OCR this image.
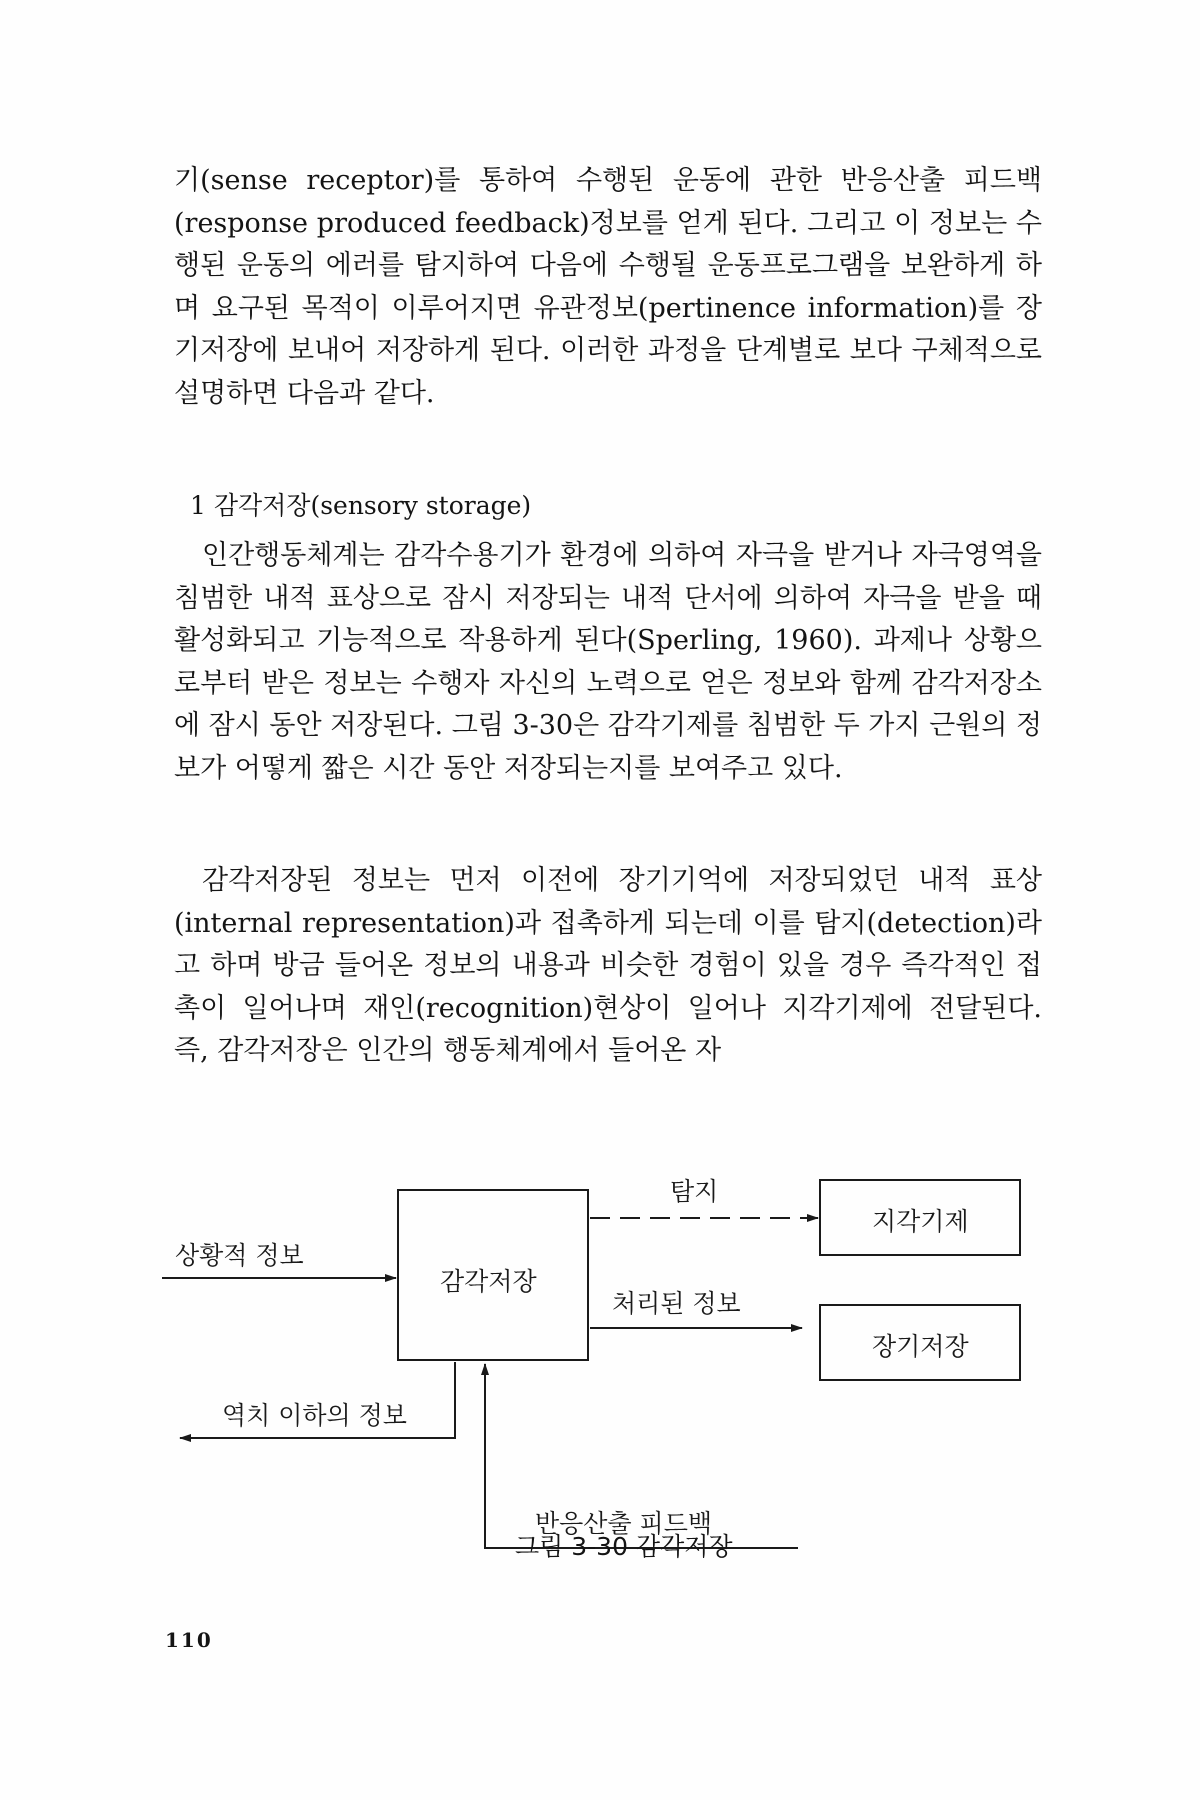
기(sense receptor)를 통하여 수행된 운동에 관한 반응산출 피드백(response produced feedback)정보를 얻게 된다. 그리고 이 정보는 수행된 운동의 에러를 탐지하여 다음에 수행될 운동프로그램을 보완하게 하며 요구된 목적이 이루어지면 유관정보(pertinence information)를 장기저장에 보내어 저장하게 된다. 이러한 과정을 단계별로 보다 구체적으로 설명하면 다음과 같다.

1 감각저장(sensory storage)

인간행동체계는 감각수용기가 환경에 의하여 자극을 받거나 자극영역을 침범한 내적 표상으로 잠시 저장되는 내적 단서에 의하여 자극을 받을 때 활성화되고 기능적으로 작용하게 된다(Sperling, 1960). 과제나 상황으로부터 받은 정보는 수행자 자신의 노력으로 얻은 정보와 함께 감각저장소에 잠시 동안 저장된다. 그림 3-30은 감각기제를 침범한 두 가지 근원의 정보가 어떻게 짧은 시간 동안 저장되는지를 보여주고 있다.

감각저장된 정보는 먼저 이전에 장기기억에 저장되었던 내적 표상(internal representation)과 접촉하게 되는데 이를 탐지(detection)라고 하며 방금 들어온 정보의 내용과 비슷한 경험이 있을 경우 즉각적인 접촉이 일어나며 재인(recognition)현상이 일어나 지각기제에 전달된다. 즉, 감각저장은 인간의 행동체계에서 들어온 자

감각저장
지각기제
장기저장
상황적 정보
탐지
처리된 정보
역치 이하의 정보
반응산출 피드백
그림 3-30 감각저장
110
